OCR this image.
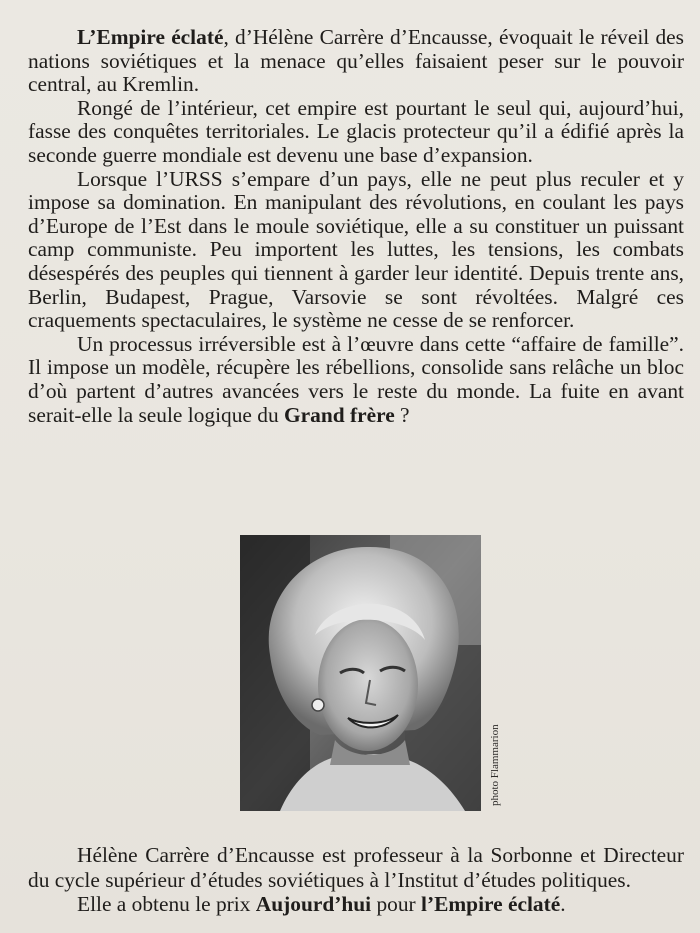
L’Empire éclaté, d’Hélène Carrère d’Encausse, évoquait le réveil des nations soviétiques et la menace qu’elles faisaient peser sur le pouvoir central, au Kremlin.

Rongé de l’intérieur, cet empire est pourtant le seul qui, aujourd’hui, fasse des conquêtes territoriales. Le glacis protecteur qu’il a édifié après la seconde guerre mondiale est devenu une base d’expansion.

Lorsque l’URSS s’empare d’un pays, elle ne peut plus reculer et y impose sa domination. En manipulant des révolutions, en coulant les pays d’Europe de l’Est dans le moule soviétique, elle a su constituer un puissant camp communiste. Peu importent les luttes, les tensions, les combats désespérés des peuples qui tiennent à garder leur identité. Depuis trente ans, Berlin, Budapest, Prague, Varsovie se sont révoltées. Malgré ces craquements spectaculaires, le système ne cesse de se renforcer.

Un processus irréversible est à l’œuvre dans cette “affaire de famille”. Il impose un modèle, récupère les rébellions, consolide sans relâche un bloc d’où partent d’autres avancées vers le reste du monde. La fuite en avant serait-elle la seule logique du Grand frère ?

photo Flammarion

Hélène Carrère d’Encausse est professeur à la Sorbonne et Directeur du cycle supérieur d’études soviétiques à l’Institut d’études politiques.

Elle a obtenu le prix Aujourd’hui pour l’Empire éclaté.
